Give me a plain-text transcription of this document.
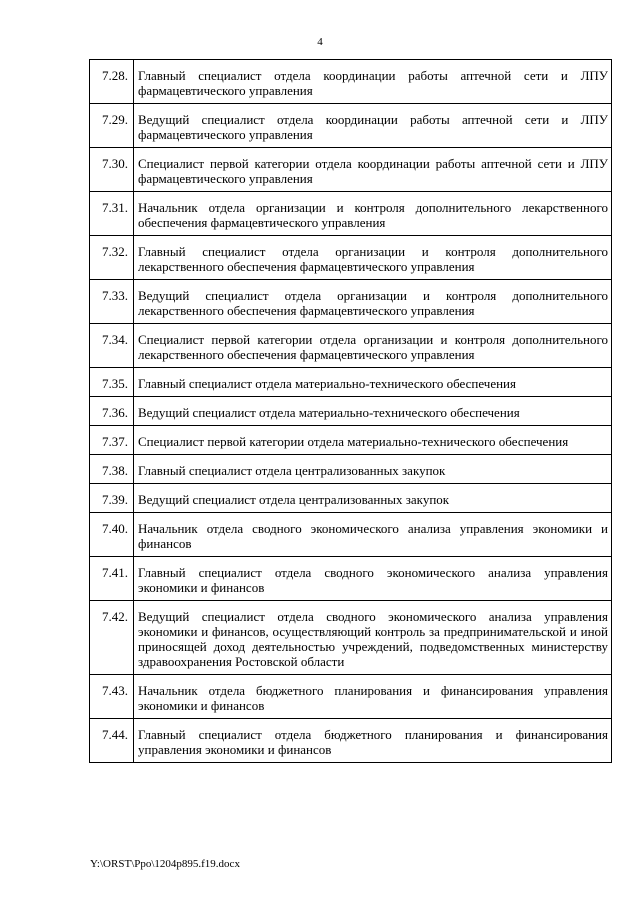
4
7.28.	Главный специалист отдела координации работы аптечной сети и ЛПУ фармацевтического управления
7.29.	Ведущий специалист отдела координации работы аптечной сети и ЛПУ фармацевтического управления
7.30.	Специалист первой категории отдела координации работы аптечной сети и ЛПУ фармацевтического управления
7.31.	Начальник отдела организации и контроля дополнительного лекарственного обеспечения фармацевтического управления
7.32.	Главный специалист отдела организации и контроля дополнительного лекарственного обеспечения фармацевтического управления
7.33.	Ведущий специалист отдела организации и контроля дополнительного лекарственного обеспечения фармацевтического управления
7.34.	Специалист первой категории отдела организации и контроля дополнительного лекарственного обеспечения фармацевтического управления
7.35.	Главный специалист отдела материально-технического обеспечения
7.36.	Ведущий специалист отдела материально-технического обеспечения
7.37.	Специалист первой категории отдела материально-технического обеспечения
7.38.	Главный специалист отдела централизованных закупок
7.39.	Ведущий специалист отдела централизованных закупок
7.40.	Начальник отдела сводного экономического анализа управления экономики и финансов
7.41.	Главный специалист отдела сводного экономического анализа управления экономики и финансов
7.42.	Ведущий специалист отдела сводного экономического анализа управления экономики и финансов, осуществляющий контроль за предпринимательской и иной приносящей доход деятельностью учреждений, подведомственных министерству здравоохранения Ростовской области
7.43.	Начальник отдела бюджетного планирования и финансирования управления экономики и финансов
7.44.	Главный специалист отдела бюджетного планирования и финансирования управления экономики и финансов
Y:\ORST\Ppo\1204p895.f19.docx
